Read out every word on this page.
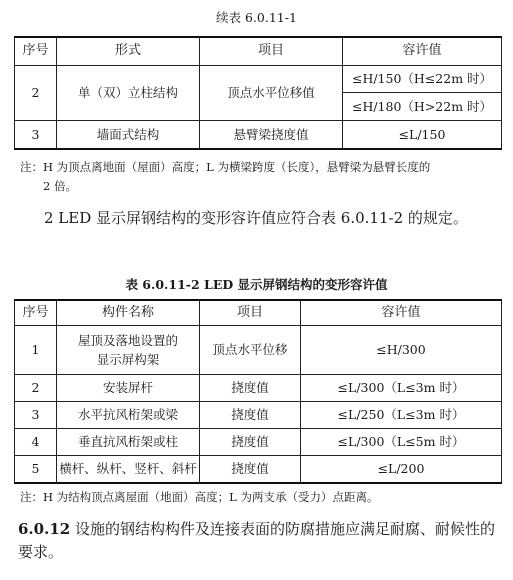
续表 6.0.11-1
序号	形式	项目	容许值
2	单（双）立柱结构	顶点水平位移值	≤H/150（H≤22m 时）
			≤H/180（H>22m 时）
3	墙面式结构	悬臂梁挠度值	≤L/150
注：H 为顶点离地面（屋面）高度；L 为横梁跨度（长度），悬臂梁为悬臂长度的
2 倍。
2 LED 显示屏钢结构的变形容许值应符合表 6.0.11-2 的规定。
表 6.0.11-2 LED 显示屏钢结构的变形容许值
序号	构件名称	项目	容许值
1	屋顶及落地设置的
显示屏构架	顶点水平位移	≤H/300
2	安装屏杆	挠度值	≤L/300（L≤3m 时）
3	水平抗风桁架或梁	挠度值	≤L/250（L≤3m 时）
4	垂直抗风桁架或柱	挠度值	≤L/300（L≤5m 时）
5	横杆、纵杆、竖杆、斜杆	挠度值	≤L/200
注：H 为结构顶点离屋面（地面）高度；L 为两支承（受力）点距离。
6.0.12 设施的钢结构构件及连接表面的防腐措施应满足耐腐、耐候性的要求。
